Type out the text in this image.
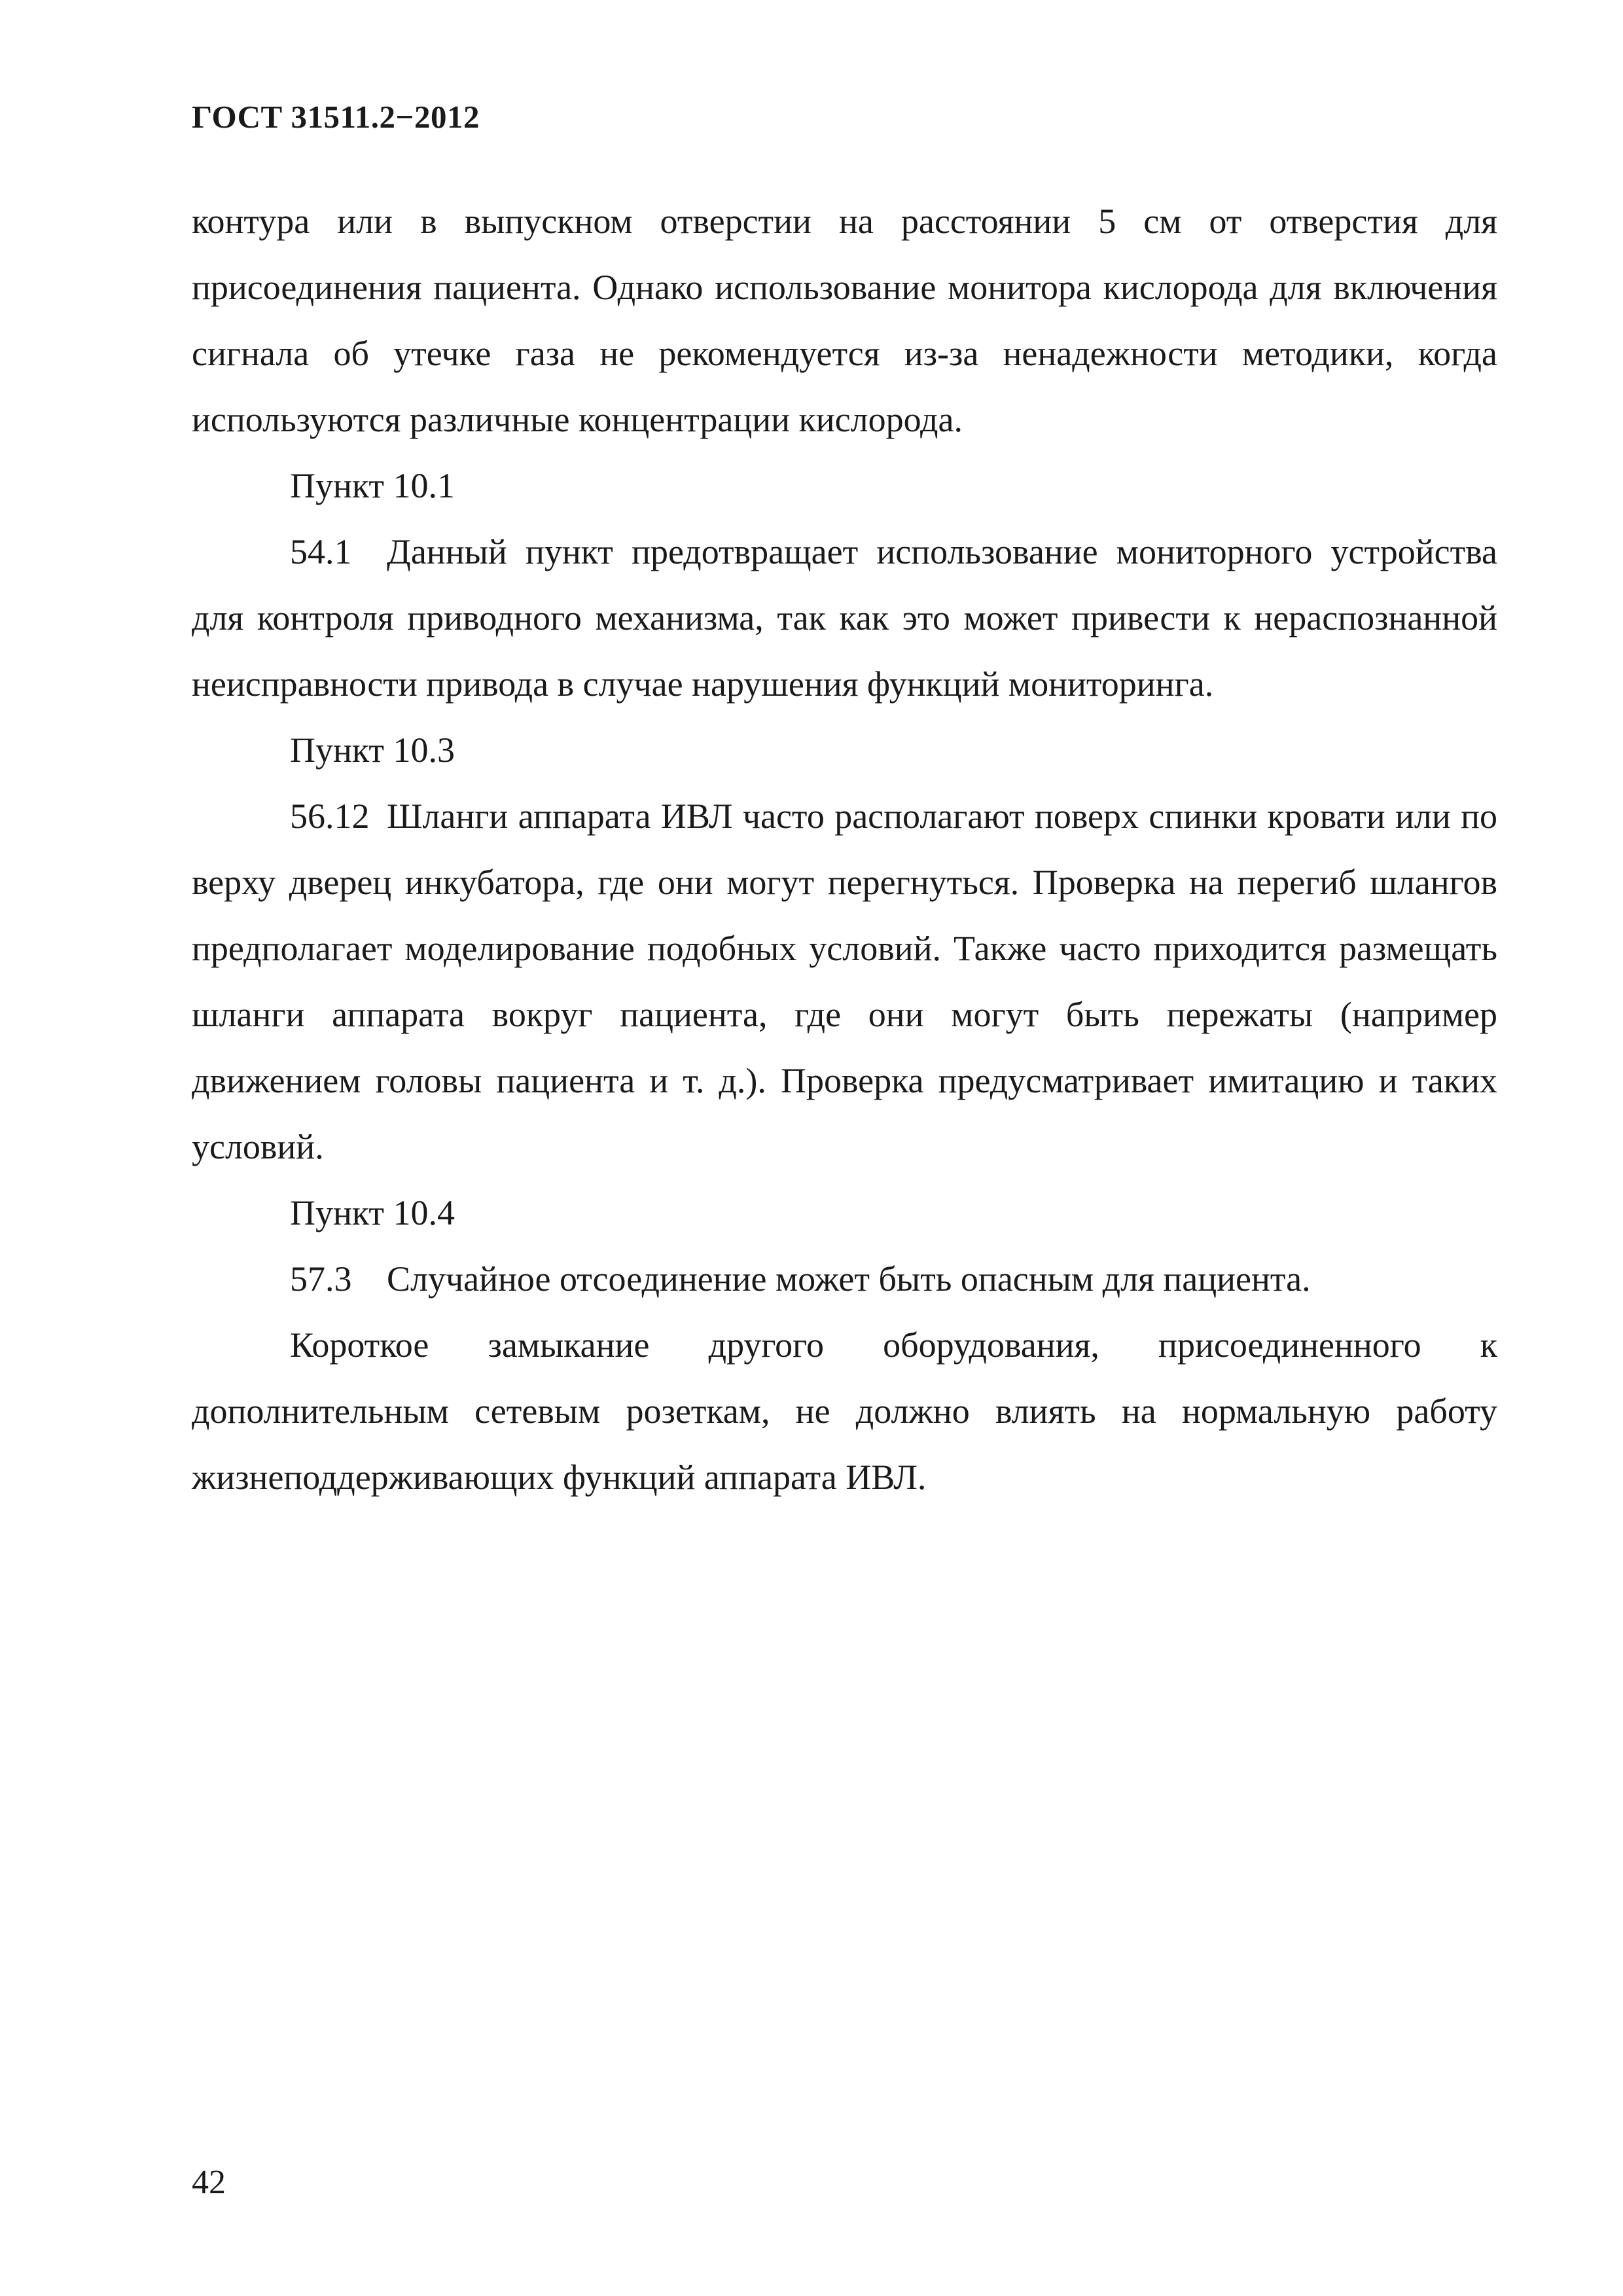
ГОСТ 31511.2−2012

контура или в выпускном отверстии на расстоянии 5 см от отверстия для присоединения пациента. Однако использование монитора кислорода для включения сигнала об утечке газа не рекомендуется из-за ненадежности методики, когда используются различные концентрации кислорода.

Пункт 10.1

54.1 Данный пункт предотвращает использование мониторного устройства для контроля приводного механизма, так как это может привести к нераспознанной неисправности привода в случае нарушения функций мониторинга.

Пункт 10.3

56.12 Шланги аппарата ИВЛ часто располагают поверх спинки кровати или по верху дверец инкубатора, где они могут перегнуться. Проверка на перегиб шлангов предполагает моделирование подобных условий. Также часто приходится размещать шланги аппарата вокруг пациента, где они могут быть пережаты (например движением головы пациента и т. д.). Проверка предусматривает имитацию и таких условий.

Пункт 10.4

57.3 Случайное отсоединение может быть опасным для пациента.

Короткое замыкание другого оборудования, присоединенного к дополнительным сетевым розеткам, не должно влиять на нормальную работу жизнеподдерживающих функций аппарата ИВЛ.

42
